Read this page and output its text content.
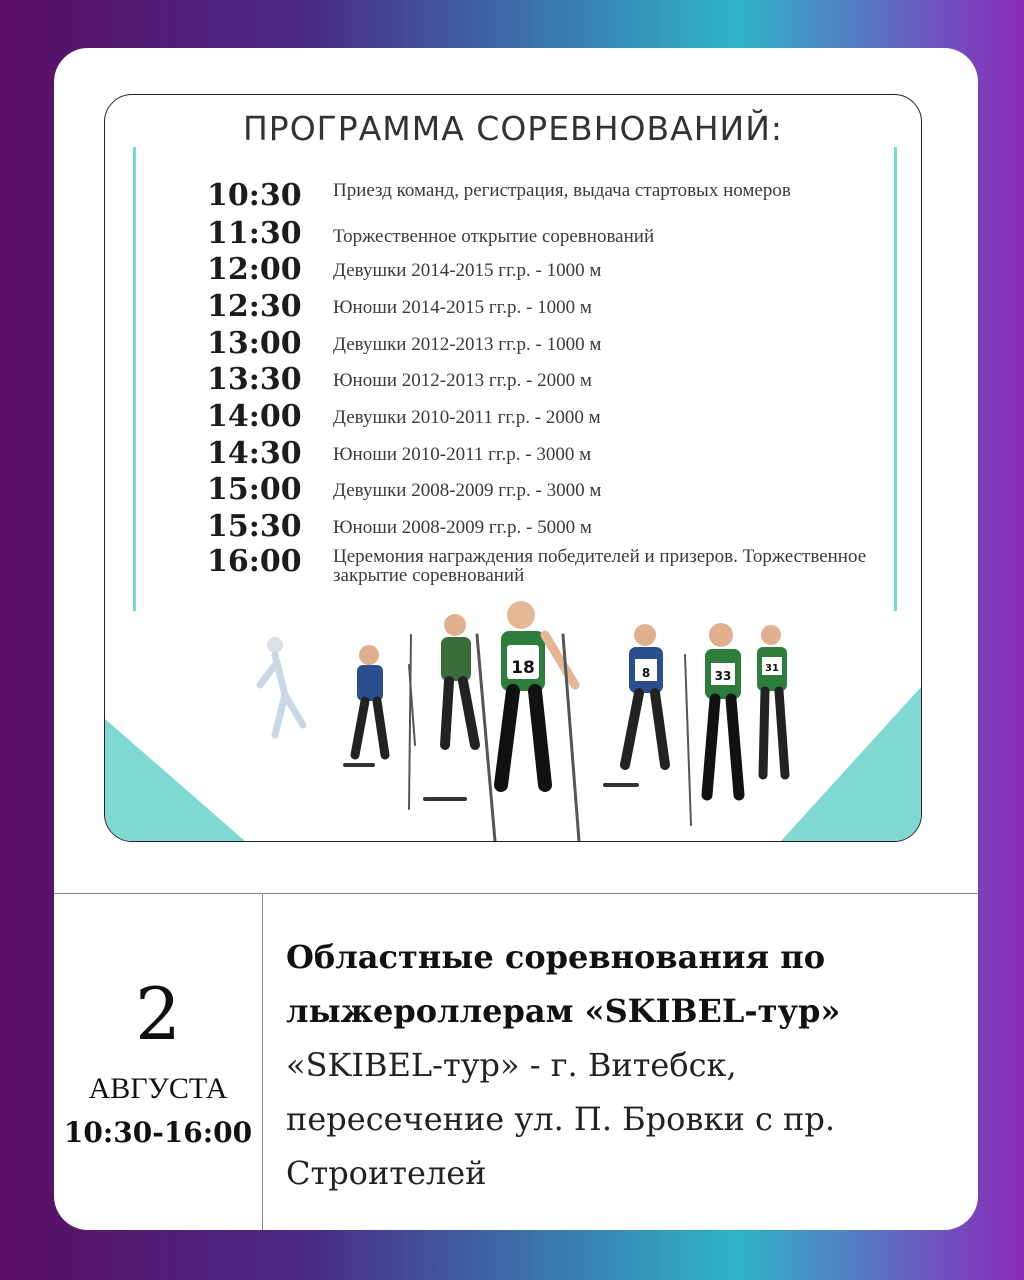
ПРОГРАММА СОРЕВНОВАНИЙ:
10:30 Приезд команд, регистрация, выдача стартовых номеров
11:30 Торжественное открытие соревнований
12:00 Девушки 2014-2015 гг.р. - 1000 м
12:30 Юноши 2014-2015 гг.р. - 1000 м
13:00 Девушки 2012-2013 гг.р. - 1000 м
13:30 Юноши 2012-2013 гг.р. - 2000 м
14:00 Девушки 2010-2011 гг.р. - 2000 м
14:30 Юноши 2010-2011 гг.р. - 3000 м
15:00 Девушки 2008-2009 гг.р. - 3000 м
15:30 Юноши 2008-2009 гг.р. - 5000 м
16:00 Церемония награждения победителей и призеров. Торжественное закрытие соревнований
18	8	33
31
2
АВГУСТА
10:30-16:00
Областные соревнования по лыжероллерам «SKIBEL-тур»
«SKIBEL-тур» - г. Витебск, пересечение ул. П. Бровки с пр. Строителей
